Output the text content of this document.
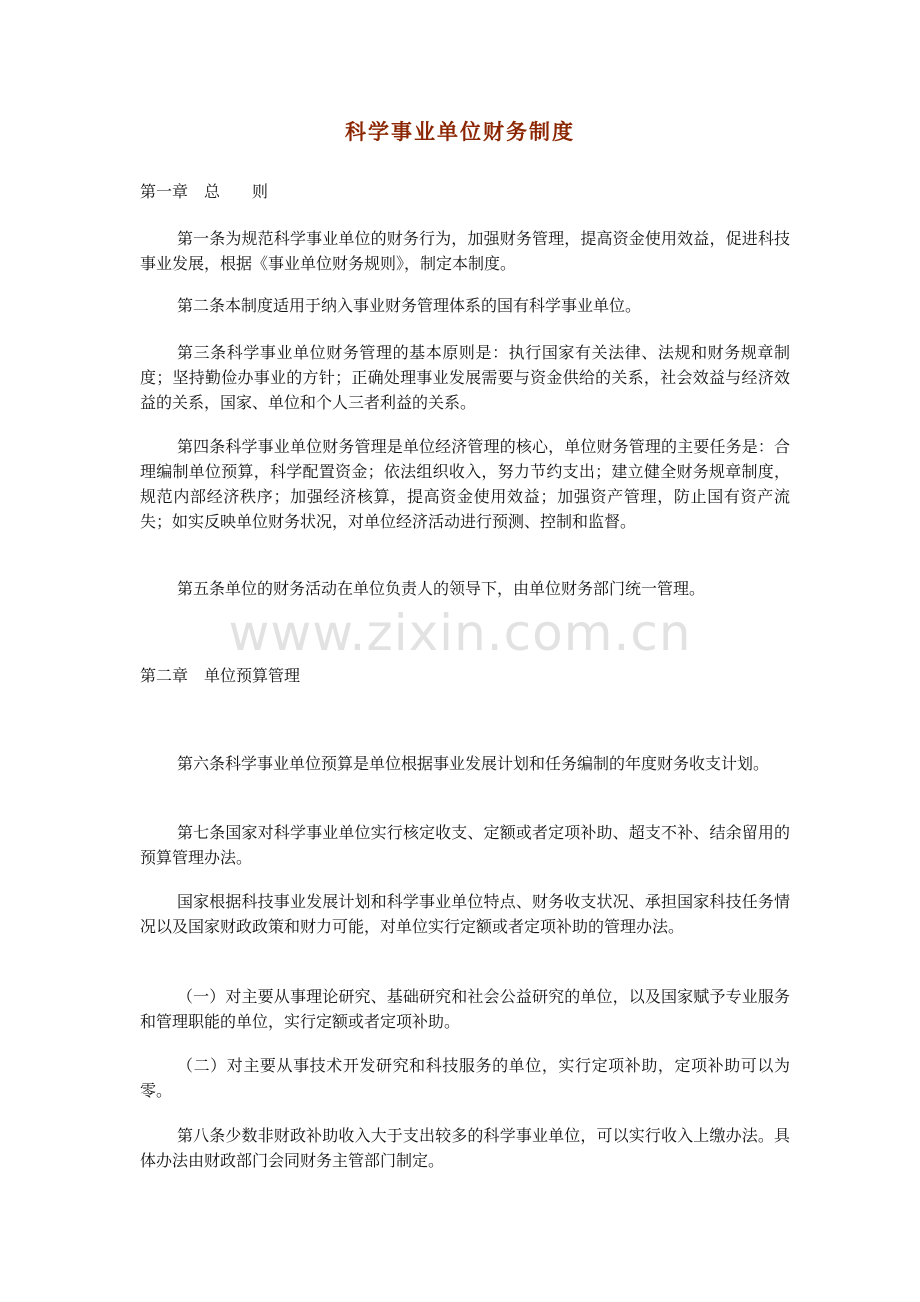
科学事业单位财务制度
第一章　总　　则

第一条为规范科学事业单位的财务行为，加强财务管理，提高资金使用效益，促进科技事业发展，根据《事业单位财务规则》，制定本制度。

第二条本制度适用于纳入事业财务管理体系的国有科学事业单位。

第三条科学事业单位财务管理的基本原则是：执行国家有关法律、法规和财务规章制度；坚持勤俭办事业的方针；正确处理事业发展需要与资金供给的关系，社会效益与经济效益的关系，国家、单位和个人三者利益的关系。

第四条科学事业单位财务管理是单位经济管理的核心，单位财务管理的主要任务是：合理编制单位预算，科学配置资金；依法组织收入，努力节约支出；建立健全财务规章制度，规范内部经济秩序；加强经济核算，提高资金使用效益；加强资产管理，防止国有资产流失；如实反映单位财务状况，对单位经济活动进行预测、控制和监督。

第五条单位的财务活动在单位负责人的领导下，由单位财务部门统一管理。

www.zixin.com.cn
第二章　单位预算管理

第六条科学事业单位预算是单位根据事业发展计划和任务编制的年度财务收支计划。

第七条国家对科学事业单位实行核定收支、定额或者定项补助、超支不补、结余留用的预算管理办法。

国家根据科技事业发展计划和科学事业单位特点、财务收支状况、承担国家科技任务情况以及国家财政政策和财力可能，对单位实行定额或者定项补助的管理办法。

（一）对主要从事理论研究、基础研究和社会公益研究的单位，以及国家赋予专业服务和管理职能的单位，实行定额或者定项补助。

（二）对主要从事技术开发研究和科技服务的单位，实行定项补助，定项补助可以为零。

第八条少数非财政补助收入大于支出较多的科学事业单位，可以实行收入上缴办法。具体办法由财政部门会同财务主管部门制定。
